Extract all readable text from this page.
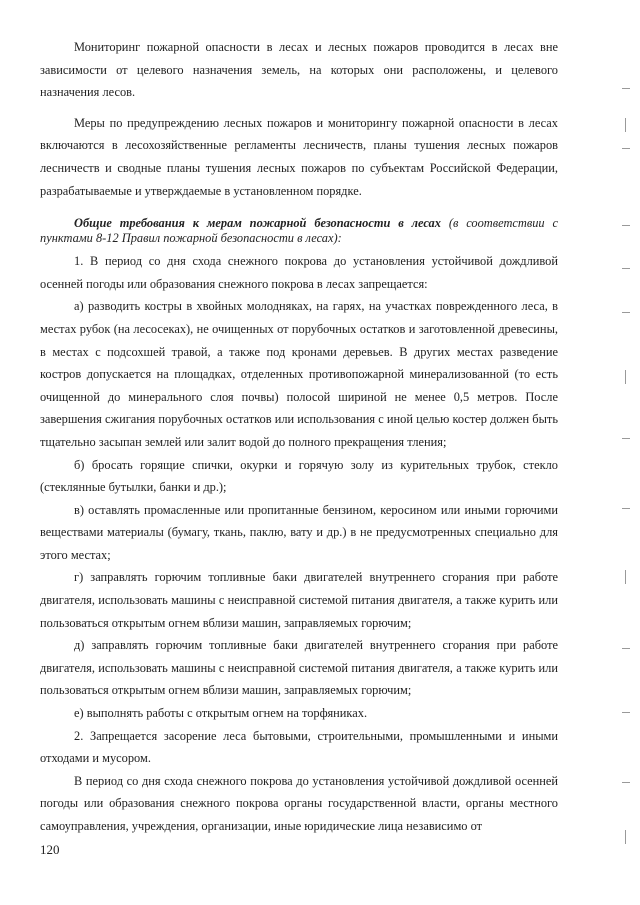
Мониторинг пожарной опасности в лесах и лесных пожаров проводится в лесах вне зависимости от целевого назначения земель, на которых они расположены, и целевого назначения лесов.

Меры по предупреждению лесных пожаров и мониторингу пожарной опасности в лесах включаются в лесохозяйственные регламенты лесничеств, планы тушения лесных пожаров лесничеств и сводные планы тушения лесных пожаров по субъектам Российской Федерации, разрабатываемые и утверждаемые в установленном порядке.

Общие требования к мерам пожарной безопасности в лесах (в соответствии с пунктами 8-12 Правил пожарной безопасности в лесах):

1. В период со дня схода снежного покрова до установления устойчивой дождливой осенней погоды или образования снежного покрова в лесах запрещается:

а) разводить костры в хвойных молодняках, на гарях, на участках поврежденного леса, в местах рубок (на лесосеках), не очищенных от порубочных остатков и заготовленной древесины, в местах с подсохшей травой, а также под кронами деревьев. В других местах разведение костров допускается на площадках, отделенных противопожарной минерализованной (то есть очищенной до минерального слоя почвы) полосой шириной не менее 0,5 метров. После завершения сжигания порубочных остатков или использования с иной целью костер должен быть тщательно засыпан землей или залит водой до полного прекращения тления;

б) бросать горящие спички, окурки и горячую золу из курительных трубок, стекло (стеклянные бутылки, банки и др.);

в) оставлять промасленные или пропитанные бензином, керосином или иными горючими веществами материалы (бумагу, ткань, паклю, вату и др.) в не предусмотренных специально для этого местах;

г) заправлять горючим топливные баки двигателей внутреннего сгорания при работе двигателя, использовать машины с неисправной системой питания двигателя, а также курить или пользоваться открытым огнем вблизи машин, заправляемых горючим;

д) заправлять горючим топливные баки двигателей внутреннего сгорания при работе двигателя, использовать машины с неисправной системой питания двигателя, а также курить или пользоваться открытым огнем вблизи машин, заправляемых горючим;

е) выполнять работы с открытым огнем на торфяниках.

2. Запрещается засорение леса бытовыми, строительными, промышленными и иными отходами и мусором.

В период со дня схода снежного покрова до установления устойчивой дождливой осенней погоды или образования снежного покрова органы государственной власти, органы местного самоуправления, учреждения, организации, иные юридические лица независимо от

120
